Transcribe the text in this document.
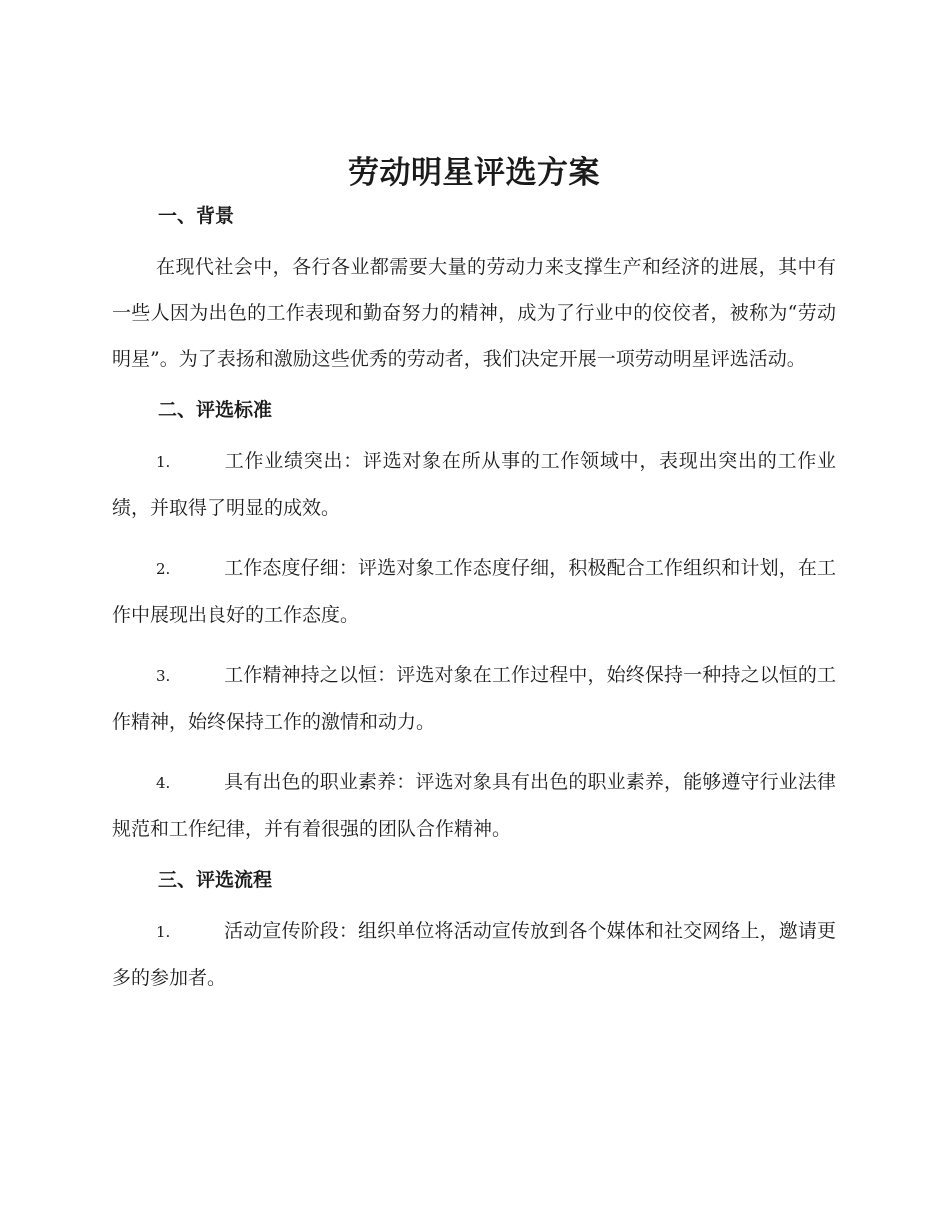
劳动明星评选方案
一、背景

在现代社会中，各行各业都需要大量的劳动力来支撑生产和经济的进展，其中有一些人因为出色的工作表现和勤奋努力的精神，成为了行业中的佼佼者，被称为“劳动明星”。为了表扬和激励这些优秀的劳动者，我们决定开展一项劳动明星评选活动。

二、评选标准

1.	工作业绩突出：评选对象在所从事的工作领域中，表现出突出的工作业绩，并取得了明显的成效。

2.	工作态度仔细：评选对象工作态度仔细，积极配合工作组织和计划，在工作中展现出良好的工作态度。

3.	工作精神持之以恒：评选对象在工作过程中，始终保持一种持之以恒的工作精神，始终保持工作的激情和动力。

4.	具有出色的职业素养：评选对象具有出色的职业素养，能够遵守行业法律规范和工作纪律，并有着很强的团队合作精神。

三、评选流程

1.	活动宣传阶段：组织单位将活动宣传放到各个媒体和社交网络上，邀请更多的参加者。
